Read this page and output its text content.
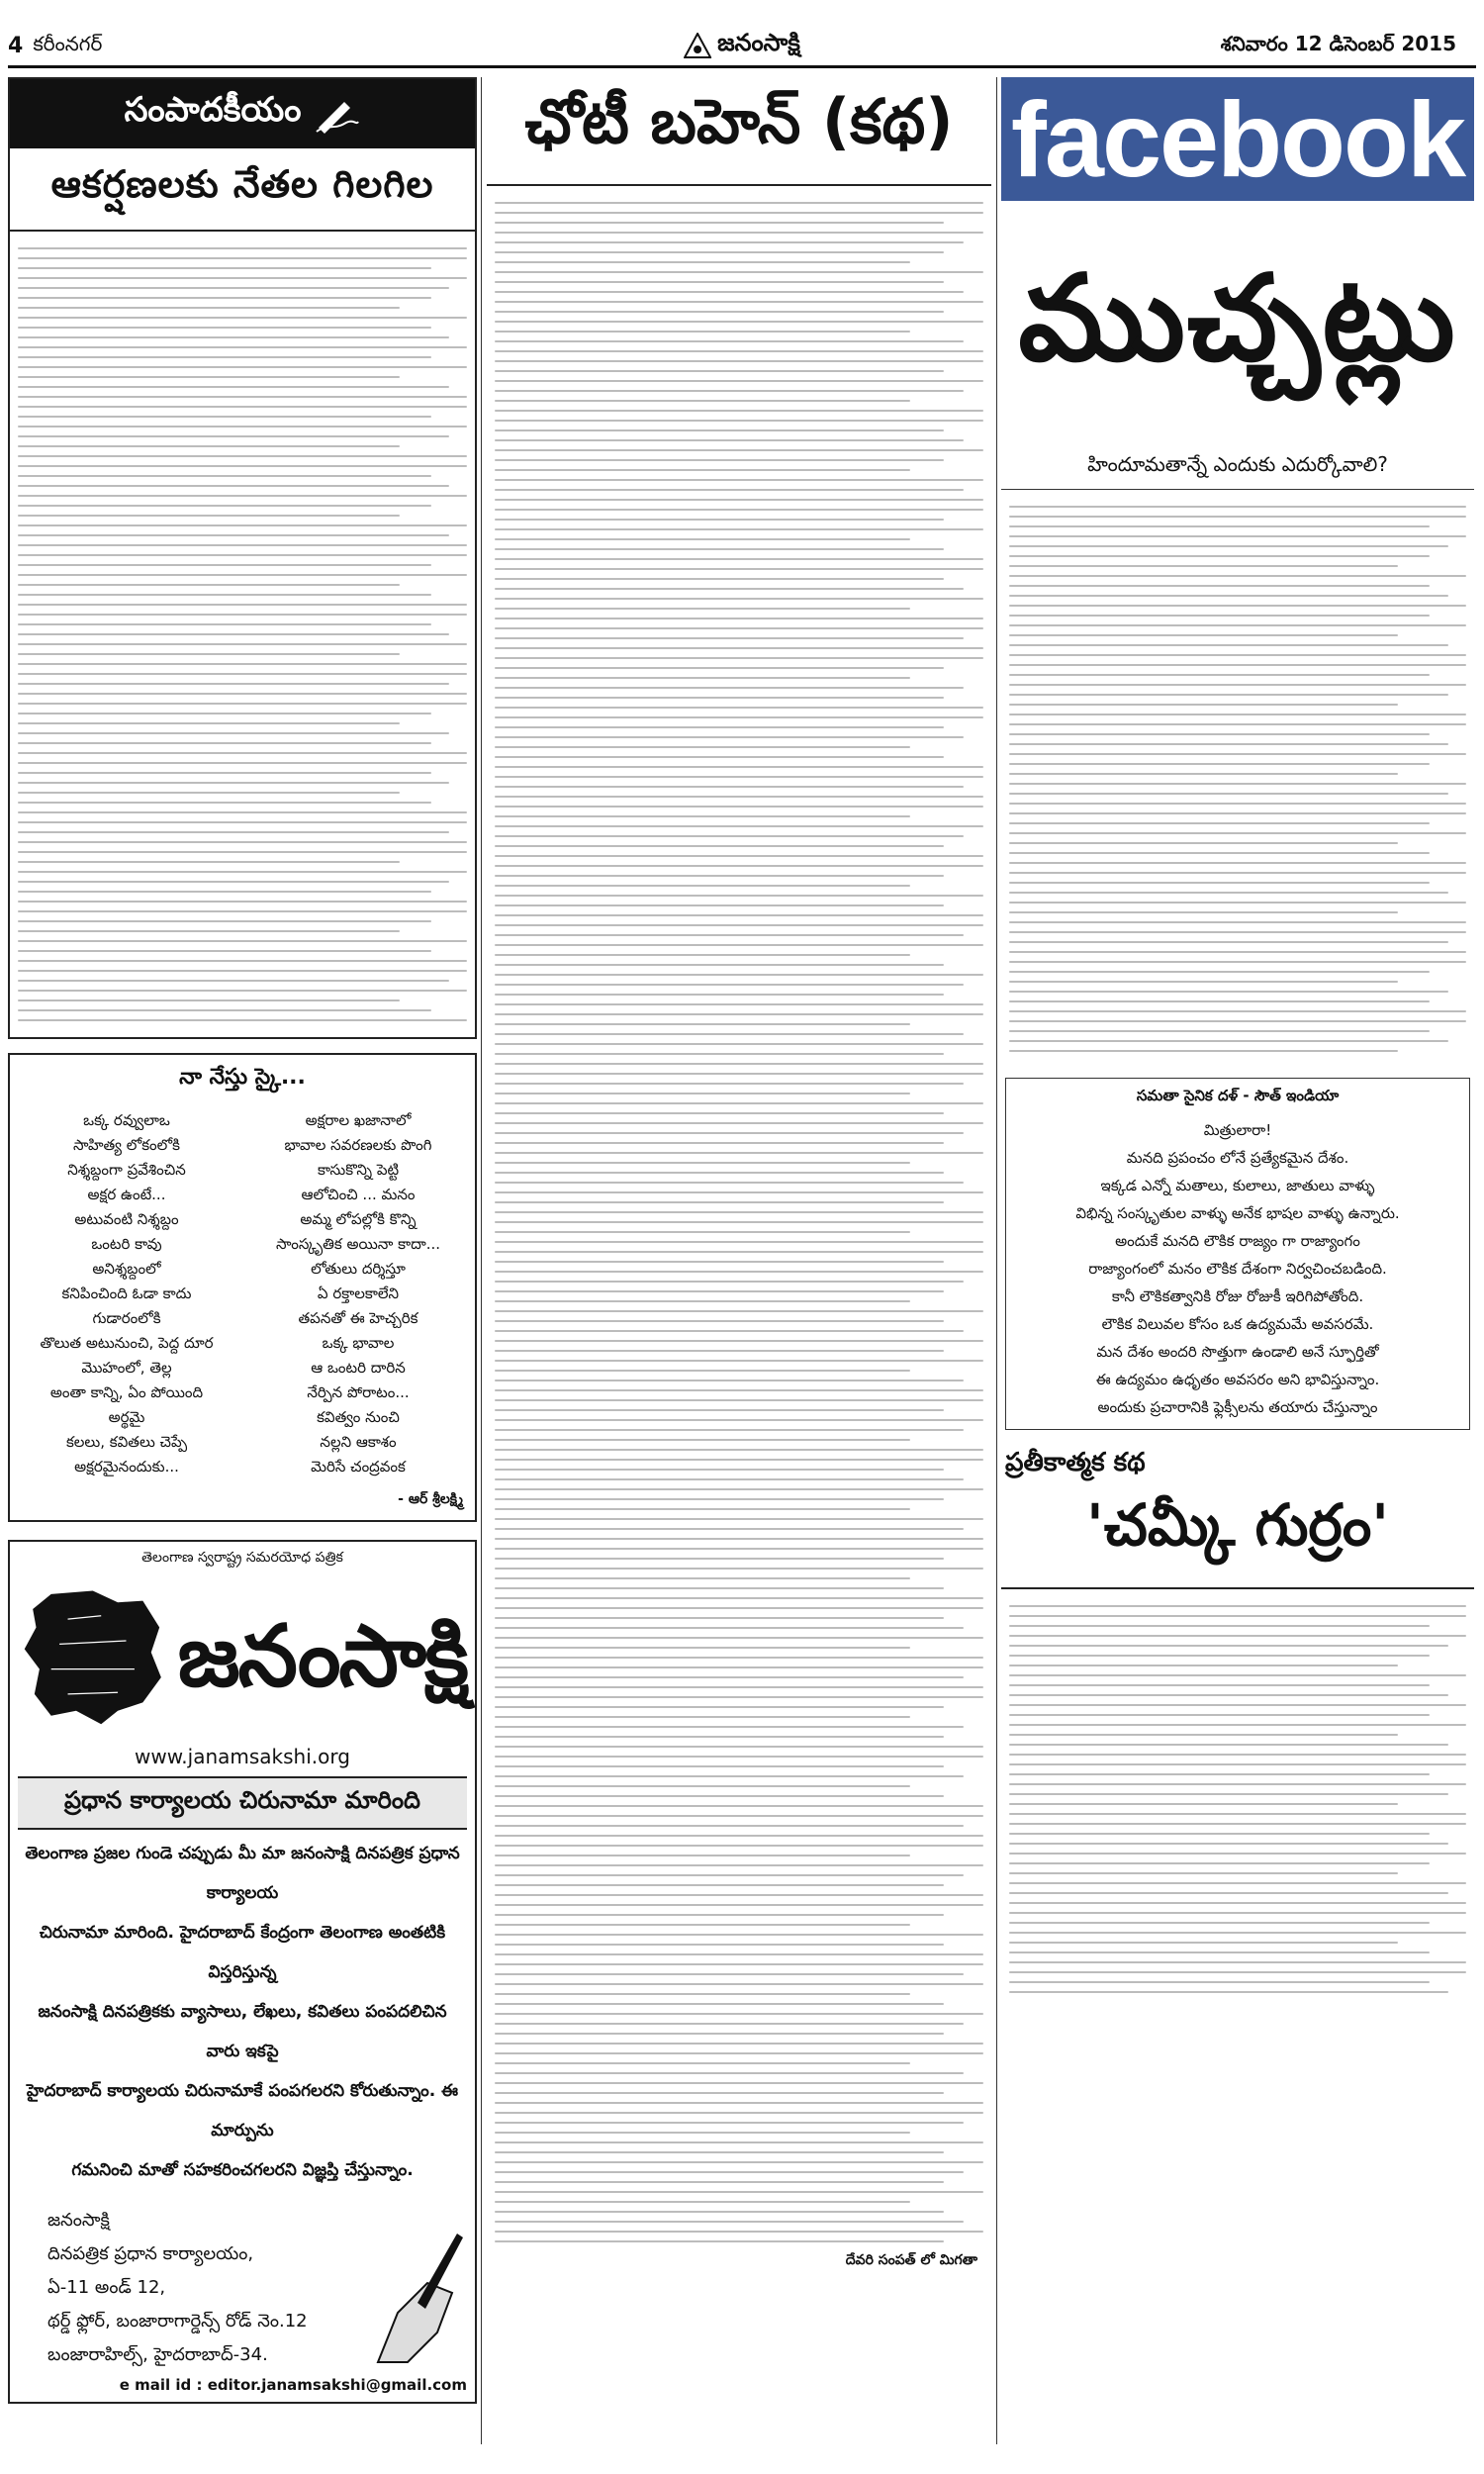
4 కరీంనగర్	జనంసాక్షి	శనివారం 12 డిసెంబర్ 2015
సంపాదకీయం
ఆకర్షణలకు నేతల గిలగిల
నా నేస్తు స్కై...
ఒక్క రవ్వులాఒ
సాహిత్య లోకంలోకి
నిశ్శబ్దంగా ప్రవేశించిన
అక్షర ఉంటే...
అటువంటి నిశ్శబ్దం
ఒంటరి కావు
అనిశ్శబ్దంలో
కనిపించింది ఓడా కాదు
గుడారంలోకి
తొలుత అటునుంచి, పెద్ద దూర
మొహంలో, తెల్ల
అంతా కాన్ని, ఏం పోయింది
అర్థమై
కలలు, కవితలు చెప్పే
అక్షరమైనందుకు...
అక్షరాల ఖజానాలో
భావాల సవరణలకు పొంగి
కాసుకొన్ని పెట్టి
ఆలోచించి ... మనం
అమ్మ లోపల్లోకి కొన్ని
సాంస్కృతిక అయినా కాదా...
లోతులు దర్శిస్తూ
ఏ రక్తాలకాలేని
తపనతో ఈ హెచ్చరిక
ఒక్క భావాల
ఆ ఒంటరి దారిన
నేర్పిన పోరాటం...
కవిత్వం నుంచి
నల్లని ఆకాశం
మెరిసే చంద్రవంక
- ఆర్ శ్రీలక్ష్మి
తెలంగాణ స్వరాష్ట్ర సమరయోధ పత్రిక
జనంసాక్షి
www.janamsakshi.org
ప్రధాన కార్యాలయ చిరునామా మారింది
తెలంగాణ ప్రజల గుండె చప్పుడు మీ మా జనంసాక్షి దినపత్రిక ప్రధాన కార్యాలయ
చిరునామా మారింది. హైదరాబాద్ కేంద్రంగా తెలంగాణ అంతటికి విస్తరిస్తున్న
జనంసాక్షి దినపత్రికకు వ్యాసాలు, లేఖలు, కవితలు పంపదలిచిన వారు ఇకపై
హైదరాబాద్ కార్యాలయ చిరునామాకే పంపగలరని కోరుతున్నాం. ఈ మార్పును
గమనించి మాతో సహకరించగలరని విజ్ఞప్తి చేస్తున్నాం.
జనంసాక్షి
దినపత్రిక ప్రధాన కార్యాలయం,
ఏ-11 అండ్ 12,
థర్డ్ ఫ్లోర్, బంజారాగార్డెన్స్ రోడ్ నెం.12
బంజారాహిల్స్, హైదరాబాద్-34.
e mail id : editor.janamsakshi@gmail.com
ఛోటీ బహెన్ (కథ)
దేవరి సంపత్ లో మిగతా
facebook
ముచ్చట్లు
హిందూమతాన్నే ఎందుకు ఎదుర్కోవాలి?
సమతా సైనిక దళ్ - సౌత్ ఇండియా
మిత్రులారా!
మనది ప్రపంచం లోనే ప్రత్యేకమైన దేశం.
ఇక్కడ ఎన్నో మతాలు, కులాలు, జాతులు వాళ్ళు
విభిన్న సంస్కృతుల వాళ్ళు అనేక భాషల వాళ్ళు ఉన్నారు.
అందుకే మనది లౌకిక రాజ్యం గా రాజ్యాంగం
రాజ్యాంగంలో మనం లౌకిక దేశంగా నిర్వచించబడింది.
కానీ లౌకికత్వానికి రోజు రోజుకీ ఇరిగిపోతోంది.
లౌకిక విలువల కోసం ఒక ఉద్యమమే అవసరమే.
మన దేశం అందరి సొత్తుగా ఉండాలి అనే స్ఫూర్తితో
ఈ ఉద్యమం ఉధృతం అవసరం అని భావిస్తున్నాం.
అందుకు ప్రచారానికి ఫ్లెక్సీలను తయారు చేస్తున్నాం
ప్రతీకాత్మక కథ
'చమ్కీ గుర్రం'
